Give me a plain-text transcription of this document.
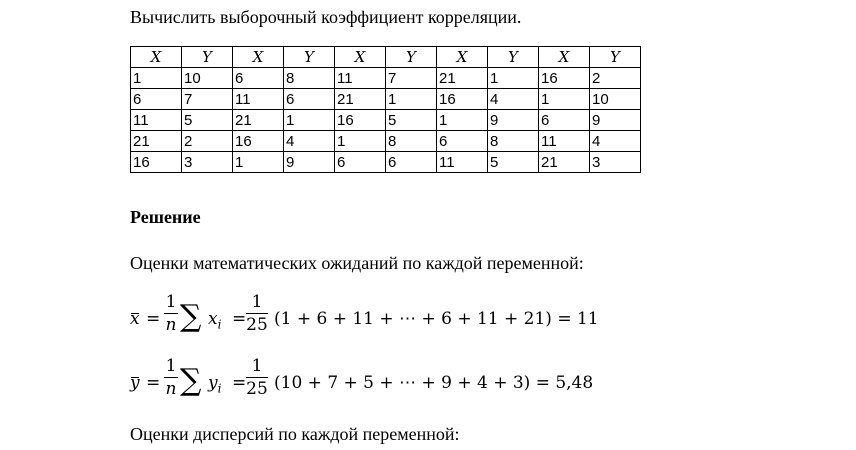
Вычислить выборочный коэффициент корреляции.
X	Y	X	Y	X	Y	X	Y	X	Y
1	10	6	8	11	7	21	1	16	2
6	7	11	6	21	1	16	4	1	10
11	5	21	1	16	5	1	9	6	9
21	2	16	4	1	8	6	8	11	4
16	3	1	9	6	6	11	5	21	3
Решение
Оценки математических ожиданий по каждой переменной:
x =
1
n ∑ $x_i$ =
1
25 (1 + 6 + 11 + ⋯ + 6 + 11 + 21) = 11
y =
1
n ∑ $y_i$ =
1
25 (10 + 7 + 5 + ⋯ + 9 + 4 + 3) = 5,48
Оценки дисперсий по каждой переменной:
